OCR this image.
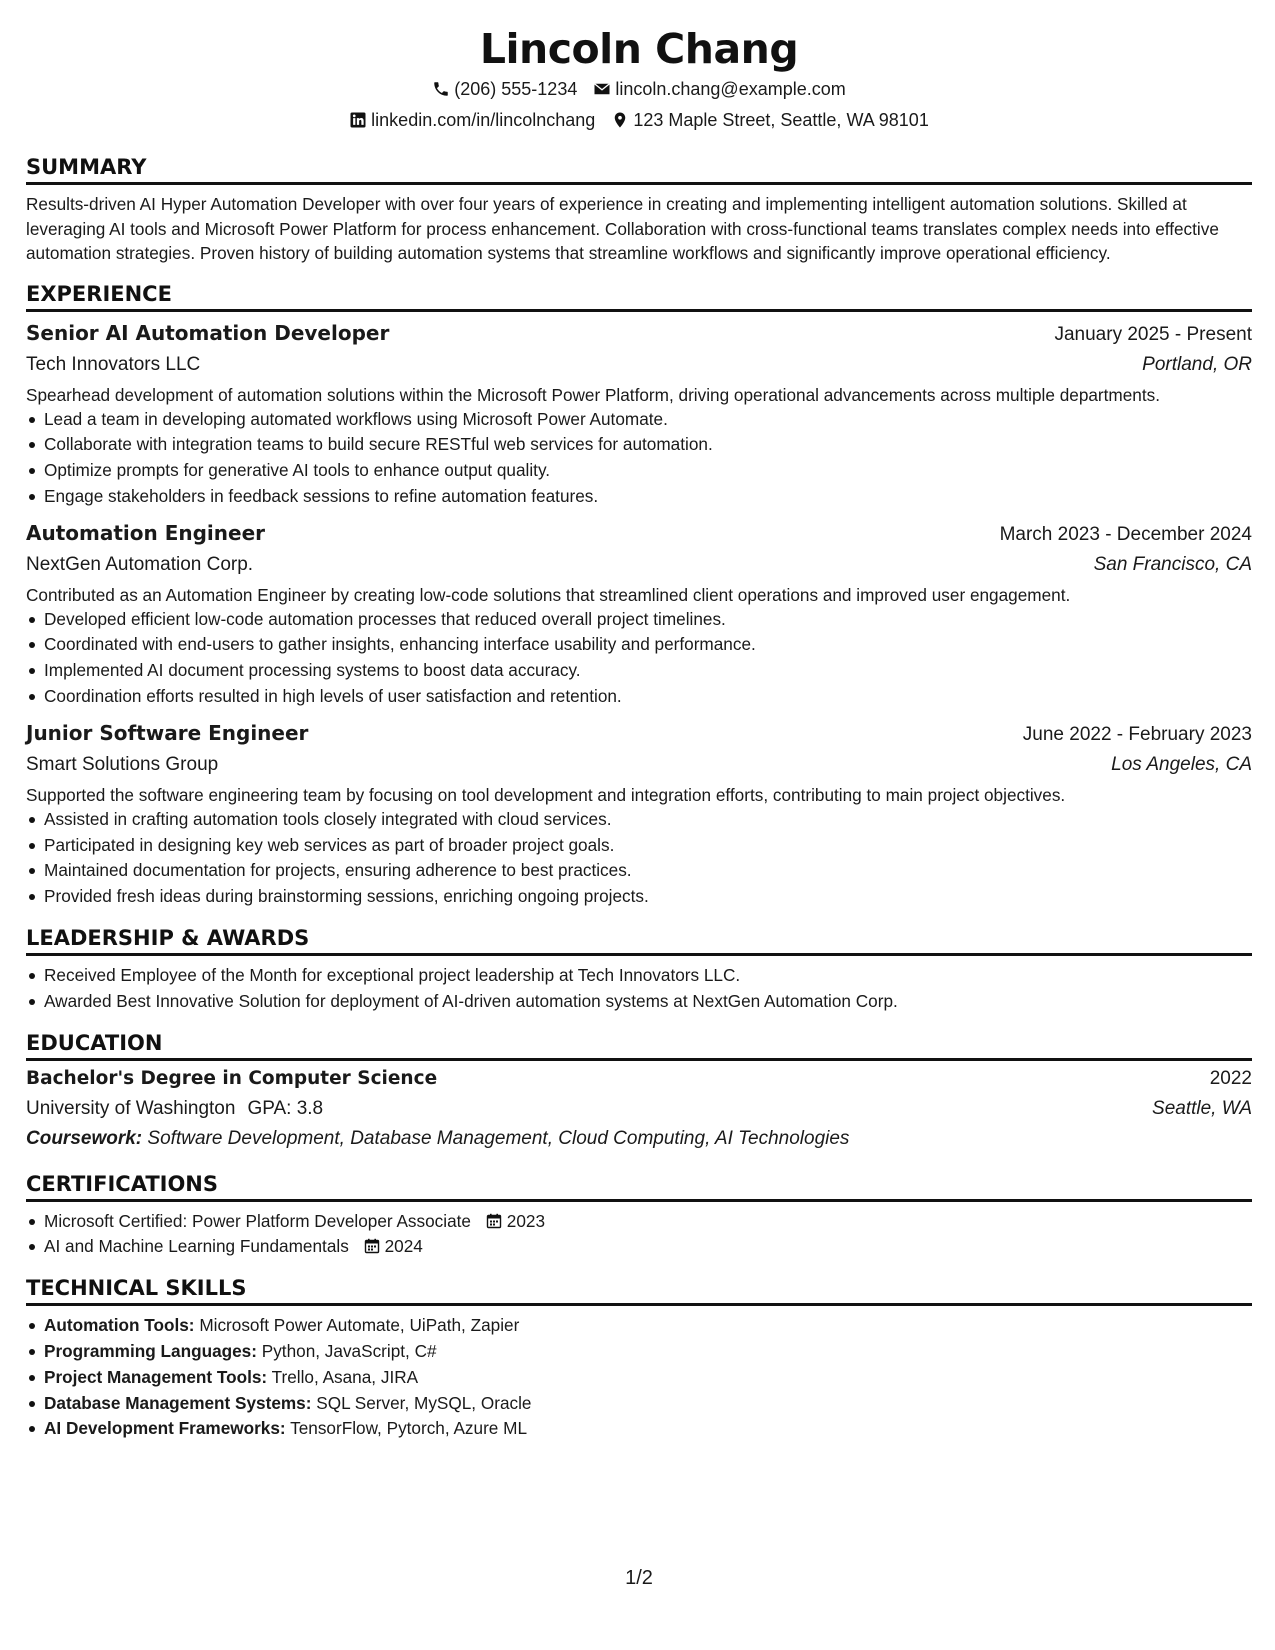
Lincoln Chang
(206) 555-1234 lincoln.chang@example.com
linkedin.com/in/lincolnchang 123 Maple Street, Seattle, WA 98101
SUMMARY
Results-driven AI Hyper Automation Developer with over four years of experience in creating and implementing intelligent automation solutions. Skilled at leveraging AI tools and Microsoft Power Platform for process enhancement. Collaboration with cross-functional teams translates complex needs into effective automation strategies. Proven history of building automation systems that streamline workflows and significantly improve operational efficiency.
EXPERIENCE
Senior AI Automation Developer	January 2025 - Present
Tech Innovators LLC	Portland, OR
Spearhead development of automation solutions within the Microsoft Power Platform, driving operational advancements across multiple departments.
Lead a team in developing automated workflows using Microsoft Power Automate.
Collaborate with integration teams to build secure RESTful web services for automation.
Optimize prompts for generative AI tools to enhance output quality.
Engage stakeholders in feedback sessions to refine automation features.
Automation Engineer	March 2023 - December 2024
NextGen Automation Corp.	San Francisco, CA
Contributed as an Automation Engineer by creating low-code solutions that streamlined client operations and improved user engagement.
Developed efficient low-code automation processes that reduced overall project timelines.
Coordinated with end-users to gather insights, enhancing interface usability and performance.
Implemented AI document processing systems to boost data accuracy.
Coordination efforts resulted in high levels of user satisfaction and retention.
Junior Software Engineer	June 2022 - February 2023
Smart Solutions Group	Los Angeles, CA
Supported the software engineering team by focusing on tool development and integration efforts, contributing to main project objectives.
Assisted in crafting automation tools closely integrated with cloud services.
Participated in designing key web services as part of broader project goals.
Maintained documentation for projects, ensuring adherence to best practices.
Provided fresh ideas during brainstorming sessions, enriching ongoing projects.
LEADERSHIP & AWARDS
Received Employee of the Month for exceptional project leadership at Tech Innovators LLC.
Awarded Best Innovative Solution for deployment of AI-driven automation systems at NextGen Automation Corp.
EDUCATION
Bachelor's Degree in Computer Science	2022
University of Washington GPA: 3.8	Seattle, WA
Coursework: Software Development, Database Management, Cloud Computing, AI Technologies
CERTIFICATIONS
Microsoft Certified: Power Platform Developer Associate 2023
AI and Machine Learning Fundamentals 2024
TECHNICAL SKILLS
Automation Tools: Microsoft Power Automate, UiPath, Zapier
Programming Languages: Python, JavaScript, C#
Project Management Tools: Trello, Asana, JIRA
Database Management Systems: SQL Server, MySQL, Oracle
AI Development Frameworks: TensorFlow, Pytorch, Azure ML
1/2
